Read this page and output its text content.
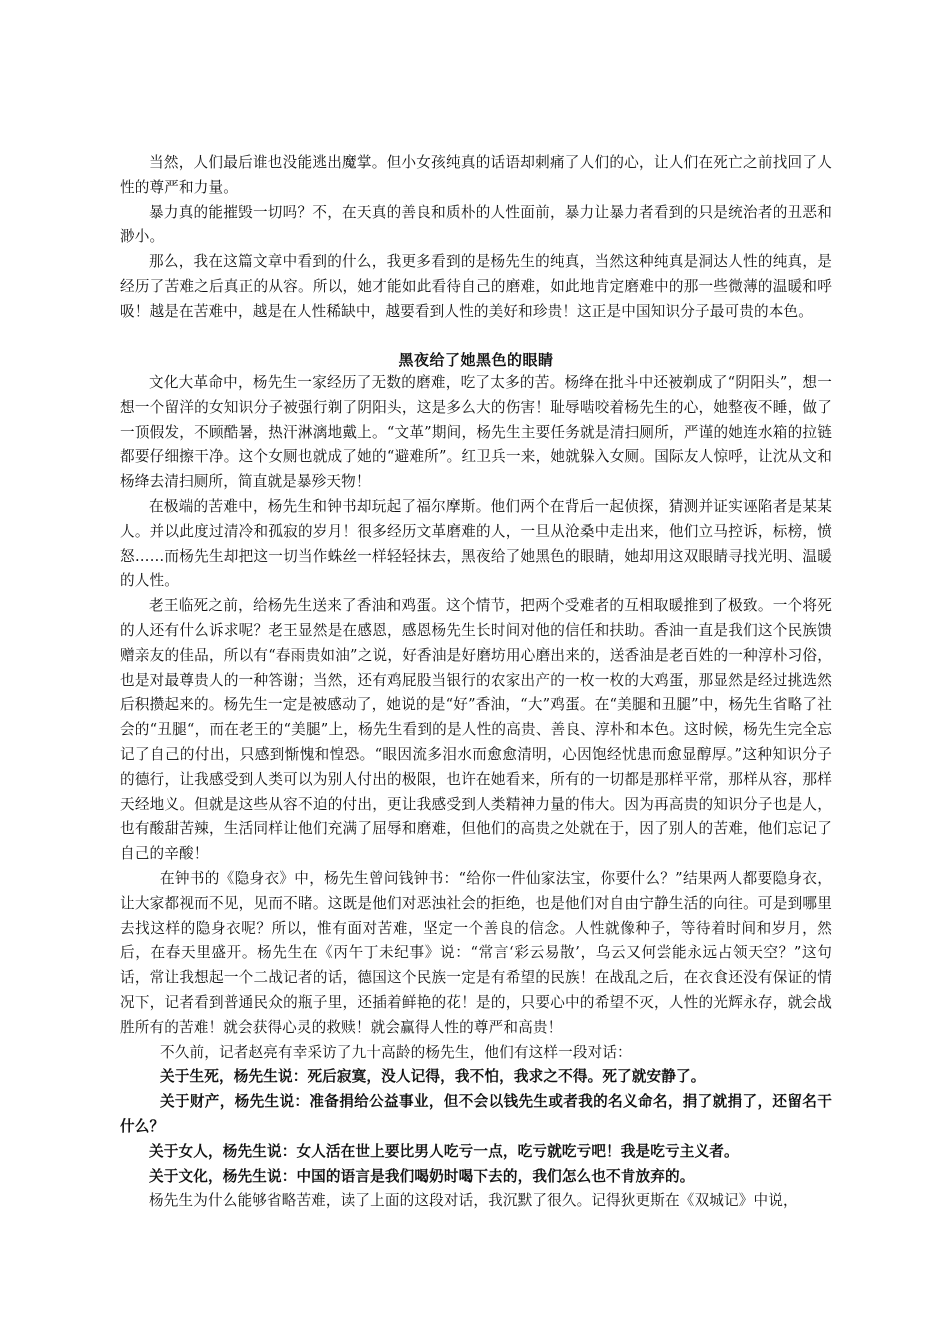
当然，人们最后谁也没能逃出魔掌。但小女孩纯真的话语却刺痛了人们的心，让人们在死亡之前找回了人性的尊严和力量。

暴力真的能摧毁一切吗？不，在天真的善良和质朴的人性面前，暴力让暴力者看到的只是统治者的丑恶和渺小。

那么，我在这篇文章中看到的什么，我更多看到的是杨先生的纯真，当然这种纯真是洞达人性的纯真，是经历了苦难之后真正的从容。所以，她才能如此看待自己的磨难，如此地肯定磨难中的那一些微薄的温暖和呼吸！越是在苦难中，越是在人性稀缺中，越要看到人性的美好和珍贵！这正是中国知识分子最可贵的本色。

黑夜给了她黑色的眼睛

文化大革命中，杨先生一家经历了无数的磨难，吃了太多的苦。杨绛在批斗中还被剃成了“阴阳头”，想一想一个留洋的女知识分子被强行剃了阴阳头，这是多么大的伤害！耻辱啮咬着杨先生的心，她整夜不睡，做了一顶假发，不顾酷暑，热汗淋漓地戴上。“文革”期间，杨先生主要任务就是清扫厕所，严谨的她连水箱的拉链都要仔细擦干净。这个女厕也就成了她的“避难所”。红卫兵一来，她就躲入女厕。国际友人惊呼，让沈从文和杨绛去清扫厕所，简直就是暴殄天物！

在极端的苦难中，杨先生和钟书却玩起了福尔摩斯。他们两个在背后一起侦探，猜测并证实诬陷者是某某人。并以此度过清冷和孤寂的岁月！很多经历文革磨难的人，一旦从沧桑中走出来，他们立马控诉，标榜，愤怒……而杨先生却把这一切当作蛛丝一样轻轻抹去，黑夜给了她黑色的眼睛，她却用这双眼睛寻找光明、温暖的人性。

老王临死之前，给杨先生送来了香油和鸡蛋。这个情节，把两个受难者的互相取暖推到了极致。一个将死的人还有什么诉求呢？老王显然是在感恩，感恩杨先生长时间对他的信任和扶助。香油一直是我们这个民族馈赠亲友的佳品，所以有“春雨贵如油”之说，好香油是好磨坊用心磨出来的，送香油是老百姓的一种淳朴习俗，也是对最尊贵人的一种答谢；当然，还有鸡屁股当银行的农家出产的一枚一枚的大鸡蛋，那显然是经过挑选然后积攒起来的。杨先生一定是被感动了，她说的是“好”香油，“大”鸡蛋。在“美腿和丑腿”中，杨先生省略了社会的“丑腿“，而在老王的“美腿”上，杨先生看到的是人性的高贵、善良、淳朴和本色。这时候，杨先生完全忘记了自己的付出，只感到惭愧和惶恐。“眼因流多泪水而愈愈清明，心因饱经忧患而愈显醇厚。”这种知识分子的德行，让我感受到人类可以为别人付出的极限，也许在她看来，所有的一切都是那样平常，那样从容，那样天经地义。但就是这些从容不迫的付出，更让我感受到人类精神力量的伟大。因为再高贵的知识分子也是人，也有酸甜苦辣，生活同样让他们充满了屈辱和磨难，但他们的高贵之处就在于，因了别人的苦难，他们忘记了自己的辛酸！

在钟书的《隐身衣》中，杨先生曾问钱钟书：“给你一件仙家法宝，你要什么？”结果两人都要隐身衣，让大家都视而不见，见而不睹。这既是他们对恶浊社会的拒绝，也是他们对自由宁静生活的向往。可是到哪里去找这样的隐身衣呢？所以，惟有面对苦难，坚定一个善良的信念。人性就像种子，等待着时间和岁月，然后，在春天里盛开。杨先生在《丙午丁未纪事》说：“常言‘彩云易散’，乌云又何尝能永远占领天空？”这句话，常让我想起一个二战记者的话，德国这个民族一定是有希望的民族！在战乱之后，在衣食还没有保证的情况下，记者看到普通民众的瓶子里，还插着鲜艳的花！是的，只要心中的希望不灭，人性的光辉永存，就会战胜所有的苦难！就会获得心灵的救赎！就会赢得人性的尊严和高贵！

不久前，记者赵亮有幸采访了九十高龄的杨先生，他们有这样一段对话：

关于生死，杨先生说：死后寂寞，没人记得，我不怕，我求之不得。死了就安静了。

关于财产，杨先生说：准备捐给公益事业，但不会以钱先生或者我的名义命名，捐了就捐了，还留名干什么？

关于女人，杨先生说：女人活在世上要比男人吃亏一点，吃亏就吃亏吧！我是吃亏主义者。

关于文化，杨先生说：中国的语言是我们喝奶时喝下去的，我们怎么也不肯放弃的。

杨先生为什么能够省略苦难，读了上面的这段对话，我沉默了很久。记得狄更斯在《双城记》中说，
